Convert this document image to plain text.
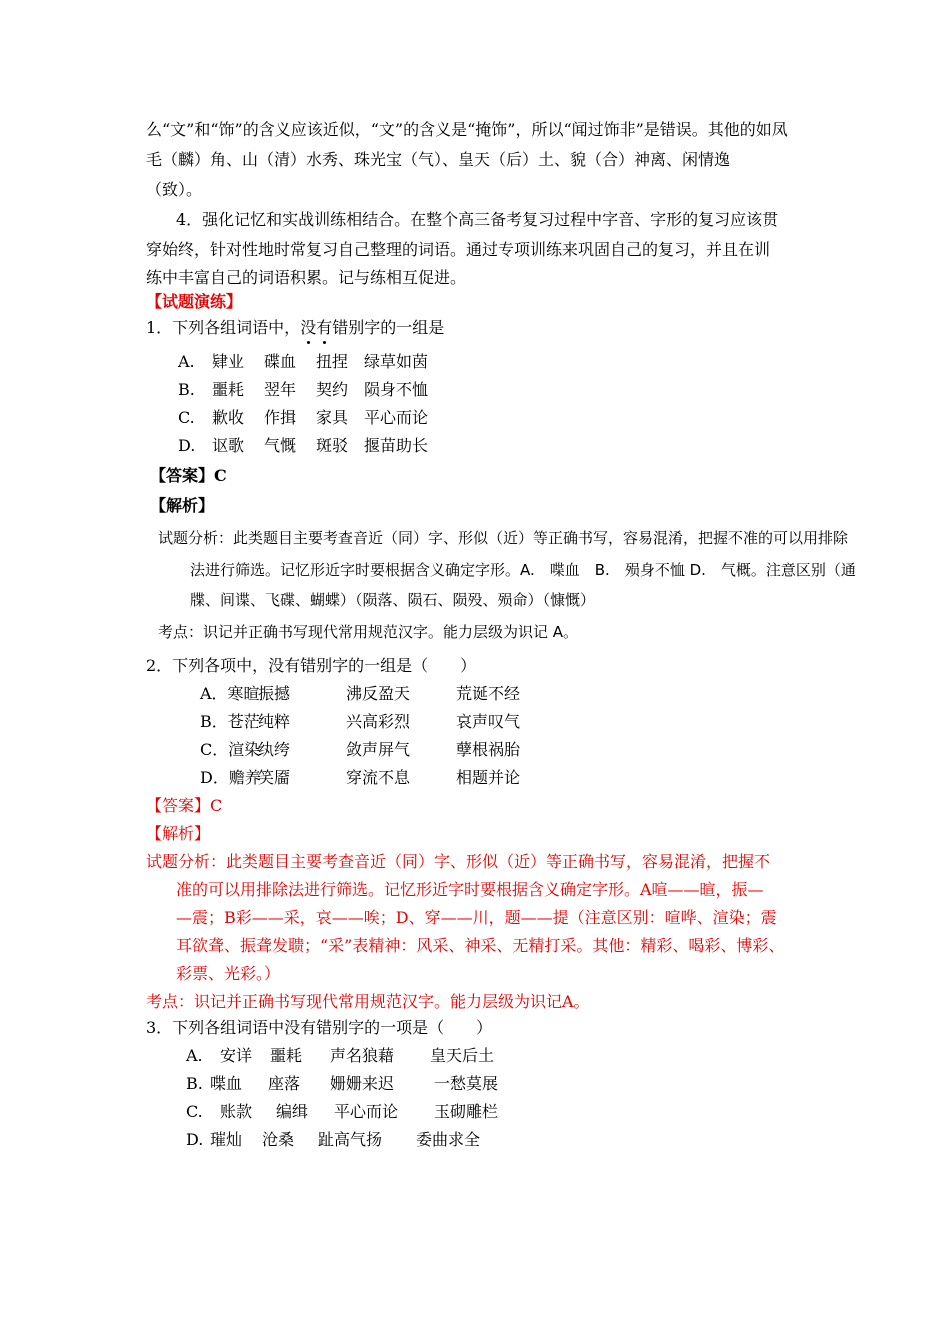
么“文”和“饰”的含义应该近似，“文”的含义是“掩饰”，所以“闻过饰非”是错误。其他的如凤
毛（麟）角、山（清）水秀、珠光宝（气）、皇天（后）土、貌（合）神离、闲情逸
（致）。
4．强化记忆和实战训练相结合。在整个高三备考复习过程中字音、字形的复习应该贯
穿始终，针对性地时常复习自己整理的词语。通过专项训练来巩固自己的复习，并且在训
练中丰富自己的词语积累。记与练相互促进。
【试题演练】
1．下列各组词语中，没有错别字的一组是
A. 肄业 碟血 扭捏 绿草如茵
B. 噩耗 翌年 契约 陨身不恤
C. 歉收 作揖 家具 平心而论
D. 讴歌 气慨 斑驳 揠苗助长
【答案】C
【解析】
试题分析：此类题目主要考查音近（同）字、形似（近）等正确书写，容易混淆，把握不准的可以用排除
法进行筛选。记忆形近字时要根据含义确定字形。A.　喋血　B.　殒身不恤 D.　气概。注意区别（通
牒、间谍、飞碟、蝴蝶）（陨落、陨石、陨殁、殒命）（慷慨）
考点：识记并正确书写现代常用规范汉字。能力层级为识记 A。
2．下列各项中，没有错别字的一组是（　　）
A．寒暄振撼	沸反盈天	荒诞不经
B．苍茫纯粹	兴高彩烈	哀声叹气
C．渲染纨绔	敛声屏气	孽根祸胎
D．赡养笑靥	穿流不息	相题并论
【答案】C
【解析】
试题分析：此类题目主要考查音近（同）字、形似（近）等正确书写，容易混淆，把握不
准的可以用排除法进行筛选。记忆形近字时要根据含义确定字形。A喧——暄，振—
—震；B彩——采，哀——唉；D、穿——川，题——提（注意区别：喧哗、渲染；震
耳欲聋、振聋发聩；“采”表精神：风采、神采、无精打采。其他：精彩、喝彩、博彩、
彩票、光彩。）
考点：识记并正确书写现代常用规范汉字。能力层级为识记A。
3．下列各组词语中没有错别字的一项是（　　）
A. 安详 噩耗 声名狼藉 皇天后土
B. 喋血 座落 姗姗来迟 一愁莫展
C. 账款 编缉 平心而论 玉砌雕栏
D. 璀灿 沧桑 趾高气扬 委曲求全
